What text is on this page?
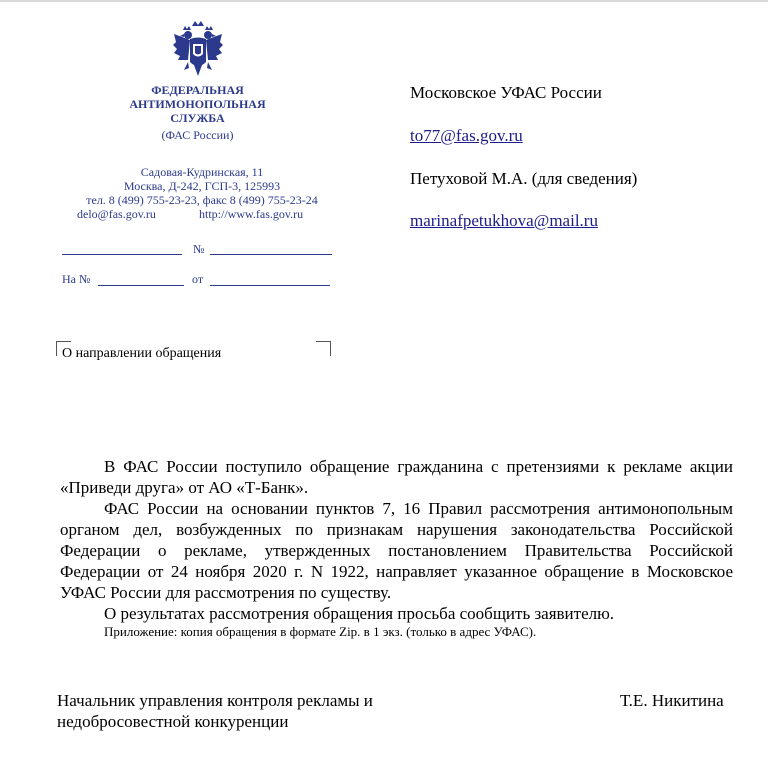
ФЕДЕРАЛЬНАЯ
АНТИМОНОПОЛЬНАЯ
СЛУЖБА
(ФАС России)
Садовая-Кудринская, 11
Москва, Д-242, ГСП-3, 125993
тел. 8 (499) 755-23-23, факс 8 (499) 755-23-24
delo@fas.gov.ru	http://www.fas.gov.ru
№
На №	от
О направлении обращения
Московское УФАС России
to77@fas.gov.ru
Петуховой М.А. (для сведения)
marinafpetukhova@mail.ru

В ФАС России поступило обращение гражданина с претензиями к рекламе акции «Приведи друга» от АО «Т-Банк».

ФАС России на основании пунктов 7, 16 Правил рассмотрения антимонопольным органом дел, возбужденных по признакам нарушения законодательства Российской Федерации о рекламе, утвержденных постановлением Правительства Российской Федерации от 24 ноября 2020 г. N 1922, направляет указанное обращение в Московское УФАС России для рассмотрения по существу.

О результатах рассмотрения обращения просьба сообщить заявителю.

Приложение: копия обращения в формате Zip. в 1 экз. (только в адрес УФАС).

Начальник управления контроля рекламы и
недобросовестной конкуренции
Т.Е. Никитина
